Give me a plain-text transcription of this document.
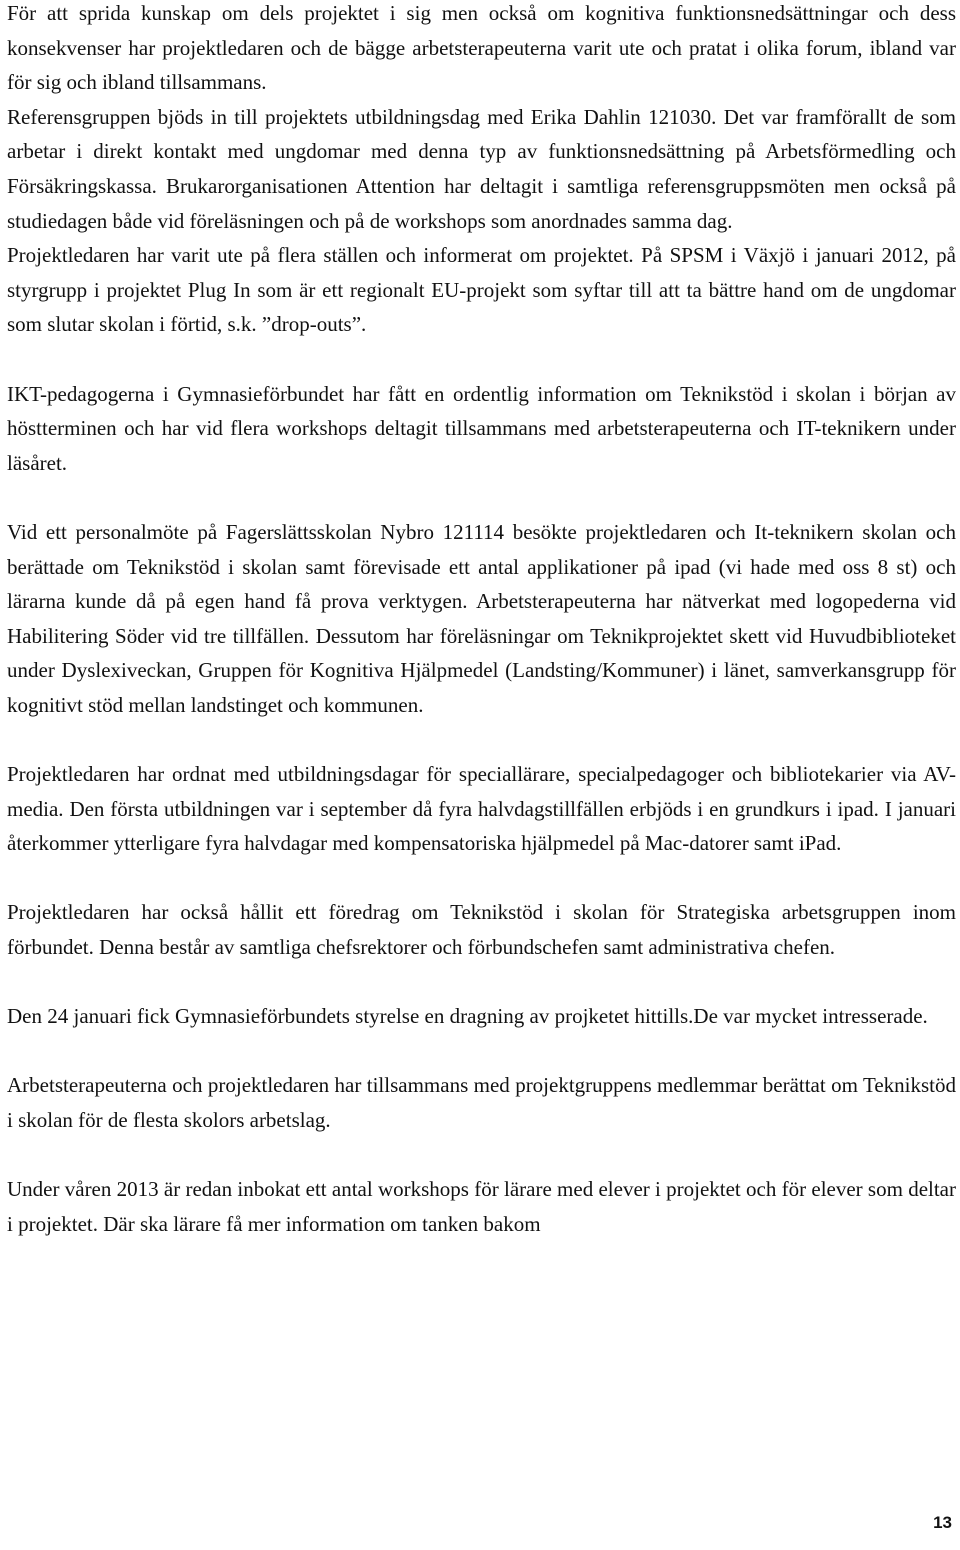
För att sprida kunskap om dels projektet i sig men också om kognitiva funktionsnedsättningar och dess konsekvenser har projektledaren och de bägge arbetsterapeuterna varit ute och pratat i olika forum, ibland var för sig och ibland tillsammans.

Referensgruppen bjöds in till projektets utbildningsdag med Erika Dahlin 121030. Det var framförallt de som arbetar i direkt kontakt med ungdomar med denna typ av funktionsnedsättning på Arbetsförmedling och Försäkringskassa. Brukarorganisationen Attention har deltagit i samtliga referensgruppsmöten men också på studiedagen både vid föreläsningen och på de workshops som anordnades samma dag.

Projektledaren har varit ute på flera ställen och informerat om projektet. På SPSM i Växjö i januari 2012, på styrgrupp i projektet Plug In som är ett regionalt EU-projekt som syftar till att ta bättre hand om de ungdomar som slutar skolan i förtid, s.k. ”drop-outs”.

IKT-pedagogerna i Gymnasieförbundet har fått en ordentlig information om Teknikstöd i skolan i början av höstterminen och har vid flera workshops deltagit tillsammans med arbetsterapeuterna och IT-teknikern under läsåret.

Vid ett personalmöte på Fagerslättsskolan Nybro 121114 besökte projektledaren och It-teknikern skolan och berättade om Teknikstöd i skolan samt förevisade ett antal applikationer på ipad (vi hade med oss 8 st) och lärarna kunde då på egen hand få prova verktygen. Arbetsterapeuterna har nätverkat med logopederna vid Habilitering Söder vid tre tillfällen. Dessutom har föreläsningar om Teknikprojektet skett vid Huvudbiblioteket under Dyslexiveckan, Gruppen för Kognitiva Hjälpmedel (Landsting/Kommuner) i länet, samverkansgrupp för kognitivt stöd mellan landstinget och kommunen.

Projektledaren har ordnat med utbildningsdagar för speciallärare, specialpedagoger och bibliotekarier via AV-media. Den första utbildningen var i september då fyra halvdagstillfällen erbjöds i en grundkurs i ipad. I januari återkommer ytterligare fyra halvdagar med kompensatoriska hjälpmedel på Mac-datorer samt iPad.

Projektledaren har också hållit ett föredrag om Teknikstöd i skolan för Strategiska arbetsgruppen inom förbundet. Denna består av samtliga chefsrektorer och förbundschefen samt administrativa chefen.

Den 24 januari fick Gymnasieförbundets styrelse en dragning av projketet hittills.De var mycket intresserade.

Arbetsterapeuterna och projektledaren har tillsammans med projektgruppens medlemmar berättat om Teknikstöd i skolan för de flesta skolors arbetslag.

Under våren 2013 är redan inbokat ett antal workshops för lärare med elever i projektet och för elever som deltar i projektet. Där ska lärare få mer information om tanken bakom

13
